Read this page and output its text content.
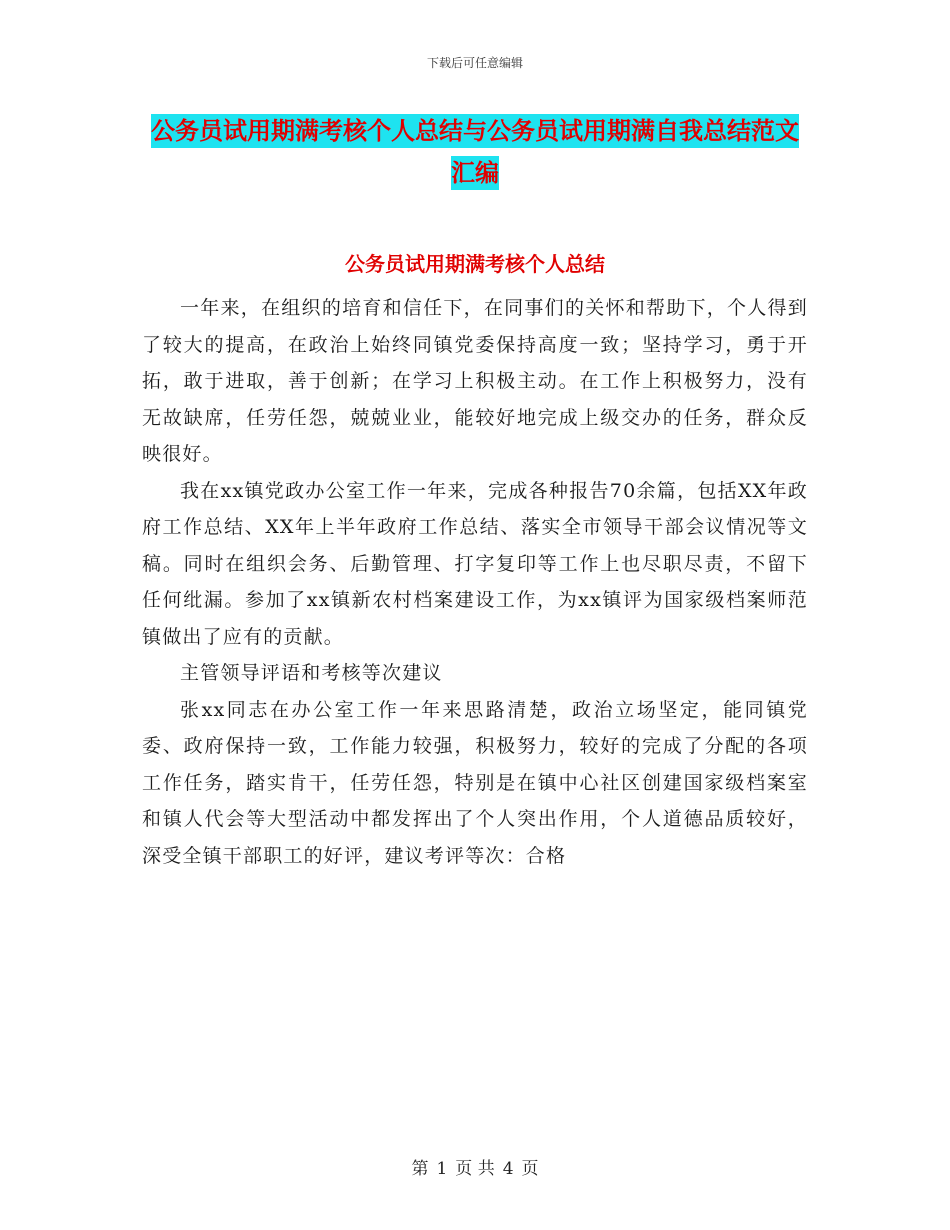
下载后可任意编辑
公务员试用期满考核个人总结与公务员试用期满自我总结范文汇编
公务员试用期满考核个人总结

一年来，在组织的培育和信任下，在同事们的关怀和帮助下，个人得到了较大的提高，在政治上始终同镇党委保持高度一致；坚持学习，勇于开拓，敢于进取，善于创新；在学习上积极主动。在工作上积极努力，没有无故缺席，任劳任怨，兢兢业业，能较好地完成上级交办的任务，群众反映很好。

我在xx镇党政办公室工作一年来，完成各种报告70余篇，包括XX年政府工作总结、XX年上半年政府工作总结、落实全市领导干部会议情况等文稿。同时在组织会务、后勤管理、打字复印等工作上也尽职尽责，不留下任何纰漏。参加了xx镇新农村档案建设工作，为xx镇评为国家级档案师范镇做出了应有的贡献。

主管领导评语和考核等次建议

张xx同志在办公室工作一年来思路清楚，政治立场坚定，能同镇党委、政府保持一致，工作能力较强，积极努力，较好的完成了分配的各项工作任务，踏实肯干，任劳任怨，特别是在镇中心社区创建国家级档案室和镇人代会等大型活动中都发挥出了个人突出作用，个人道德品质较好，深受全镇干部职工的好评，建议考评等次：合格

第 1 页 共 4 页
